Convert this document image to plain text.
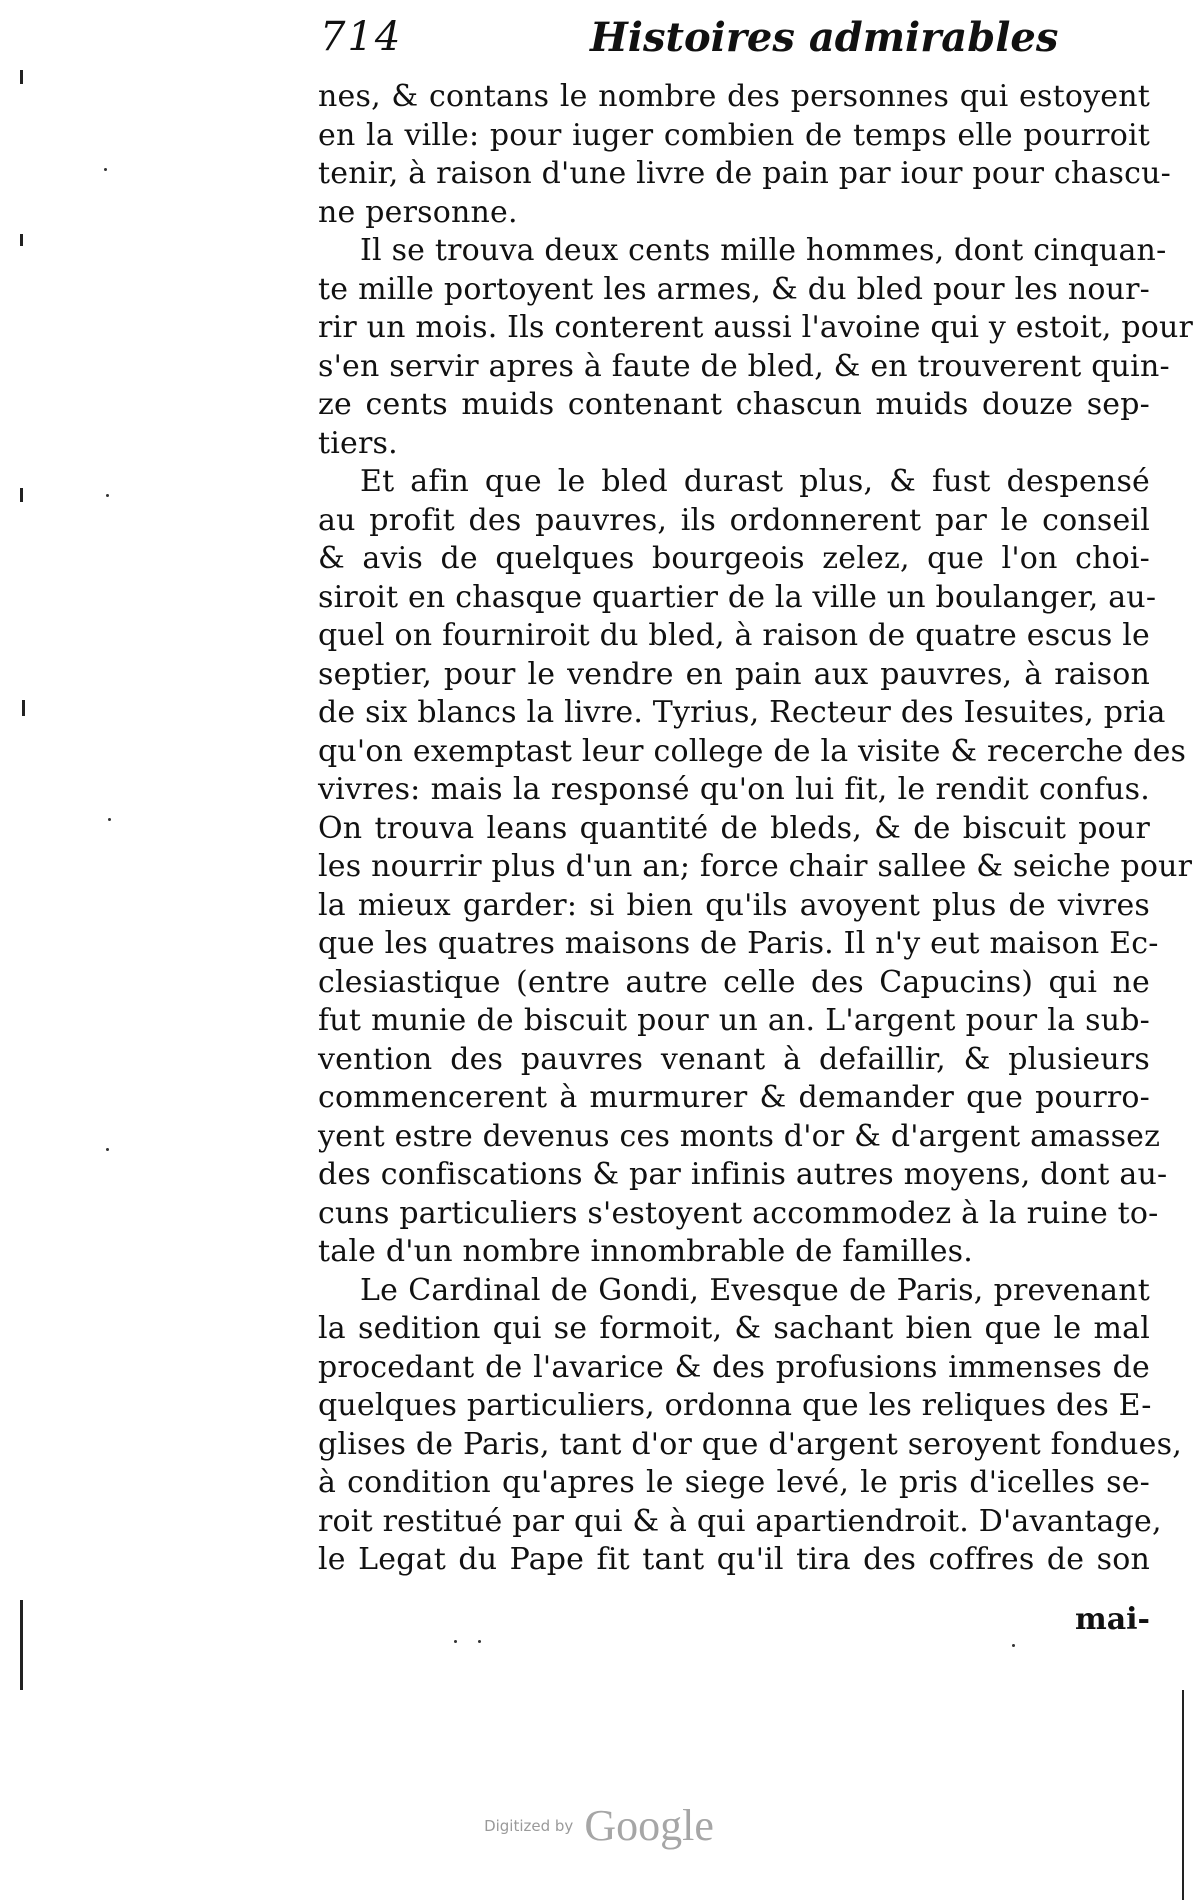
714	Histoires admirables
nes, & contans le nombre des personnes qui estoyent
en la ville: pour iuger combien de temps elle pourroit
tenir, à raison d'une livre de pain par iour pour chascu-
ne personne.
Il se trouva deux cents mille hommes, dont cinquan-
te mille portoyent les armes, & du bled pour les nour-
rir un mois. Ils conterent aussi l'avoine qui y estoit, pour
s'en servir apres à faute de bled, & en trouverent quin-
ze cents muids contenant chascun muids douze sep-
tiers.
Et afin que le bled durast plus, & fust despensé
au profit des pauvres, ils ordonnerent par le conseil
& avis de quelques bourgeois zelez, que l'on choi-
siroit en chasque quartier de la ville un boulanger, au-
quel on fourniroit du bled, à raison de quatre escus le
septier, pour le vendre en pain aux pauvres, à raison
de six blancs la livre. Tyrius, Recteur des Iesuites, pria
qu'on exemptast leur college de la visite & recerche des
vivres: mais la responsé qu'on lui fit, le rendit confus.
On trouva leans quantité de bleds, & de biscuit pour
les nourrir plus d'un an; force chair sallee & seiche pour
la mieux garder: si bien qu'ils avoyent plus de vivres
que les quatres maisons de Paris. Il n'y eut maison Ec-
clesiastique (entre autre celle des Capucins) qui ne
fut munie de biscuit pour un an. L'argent pour la sub-
vention des pauvres venant à defaillir, & plusieurs
commencerent à murmurer & demander que pourro-
yent estre devenus ces monts d'or & d'argent amassez
des confiscations & par infinis autres moyens, dont au-
cuns particuliers s'estoyent accommodez à la ruine to-
tale d'un nombre innombrable de familles.
Le Cardinal de Gondi, Evesque de Paris, prevenant
la sedition qui se formoit, & sachant bien que le mal
procedant de l'avarice & des profusions immenses de
quelques particuliers, ordonna que les reliques des E-
glises de Paris, tant d'or que d'argent seroyent fondues,
à condition qu'apres le siege levé, le pris d'icelles se-
roit restitué par qui & à qui apartiendroit. D'avantage,
le Legat du Pape fit tant qu'il tira des coffres de son
mai-
Digitized by Google
